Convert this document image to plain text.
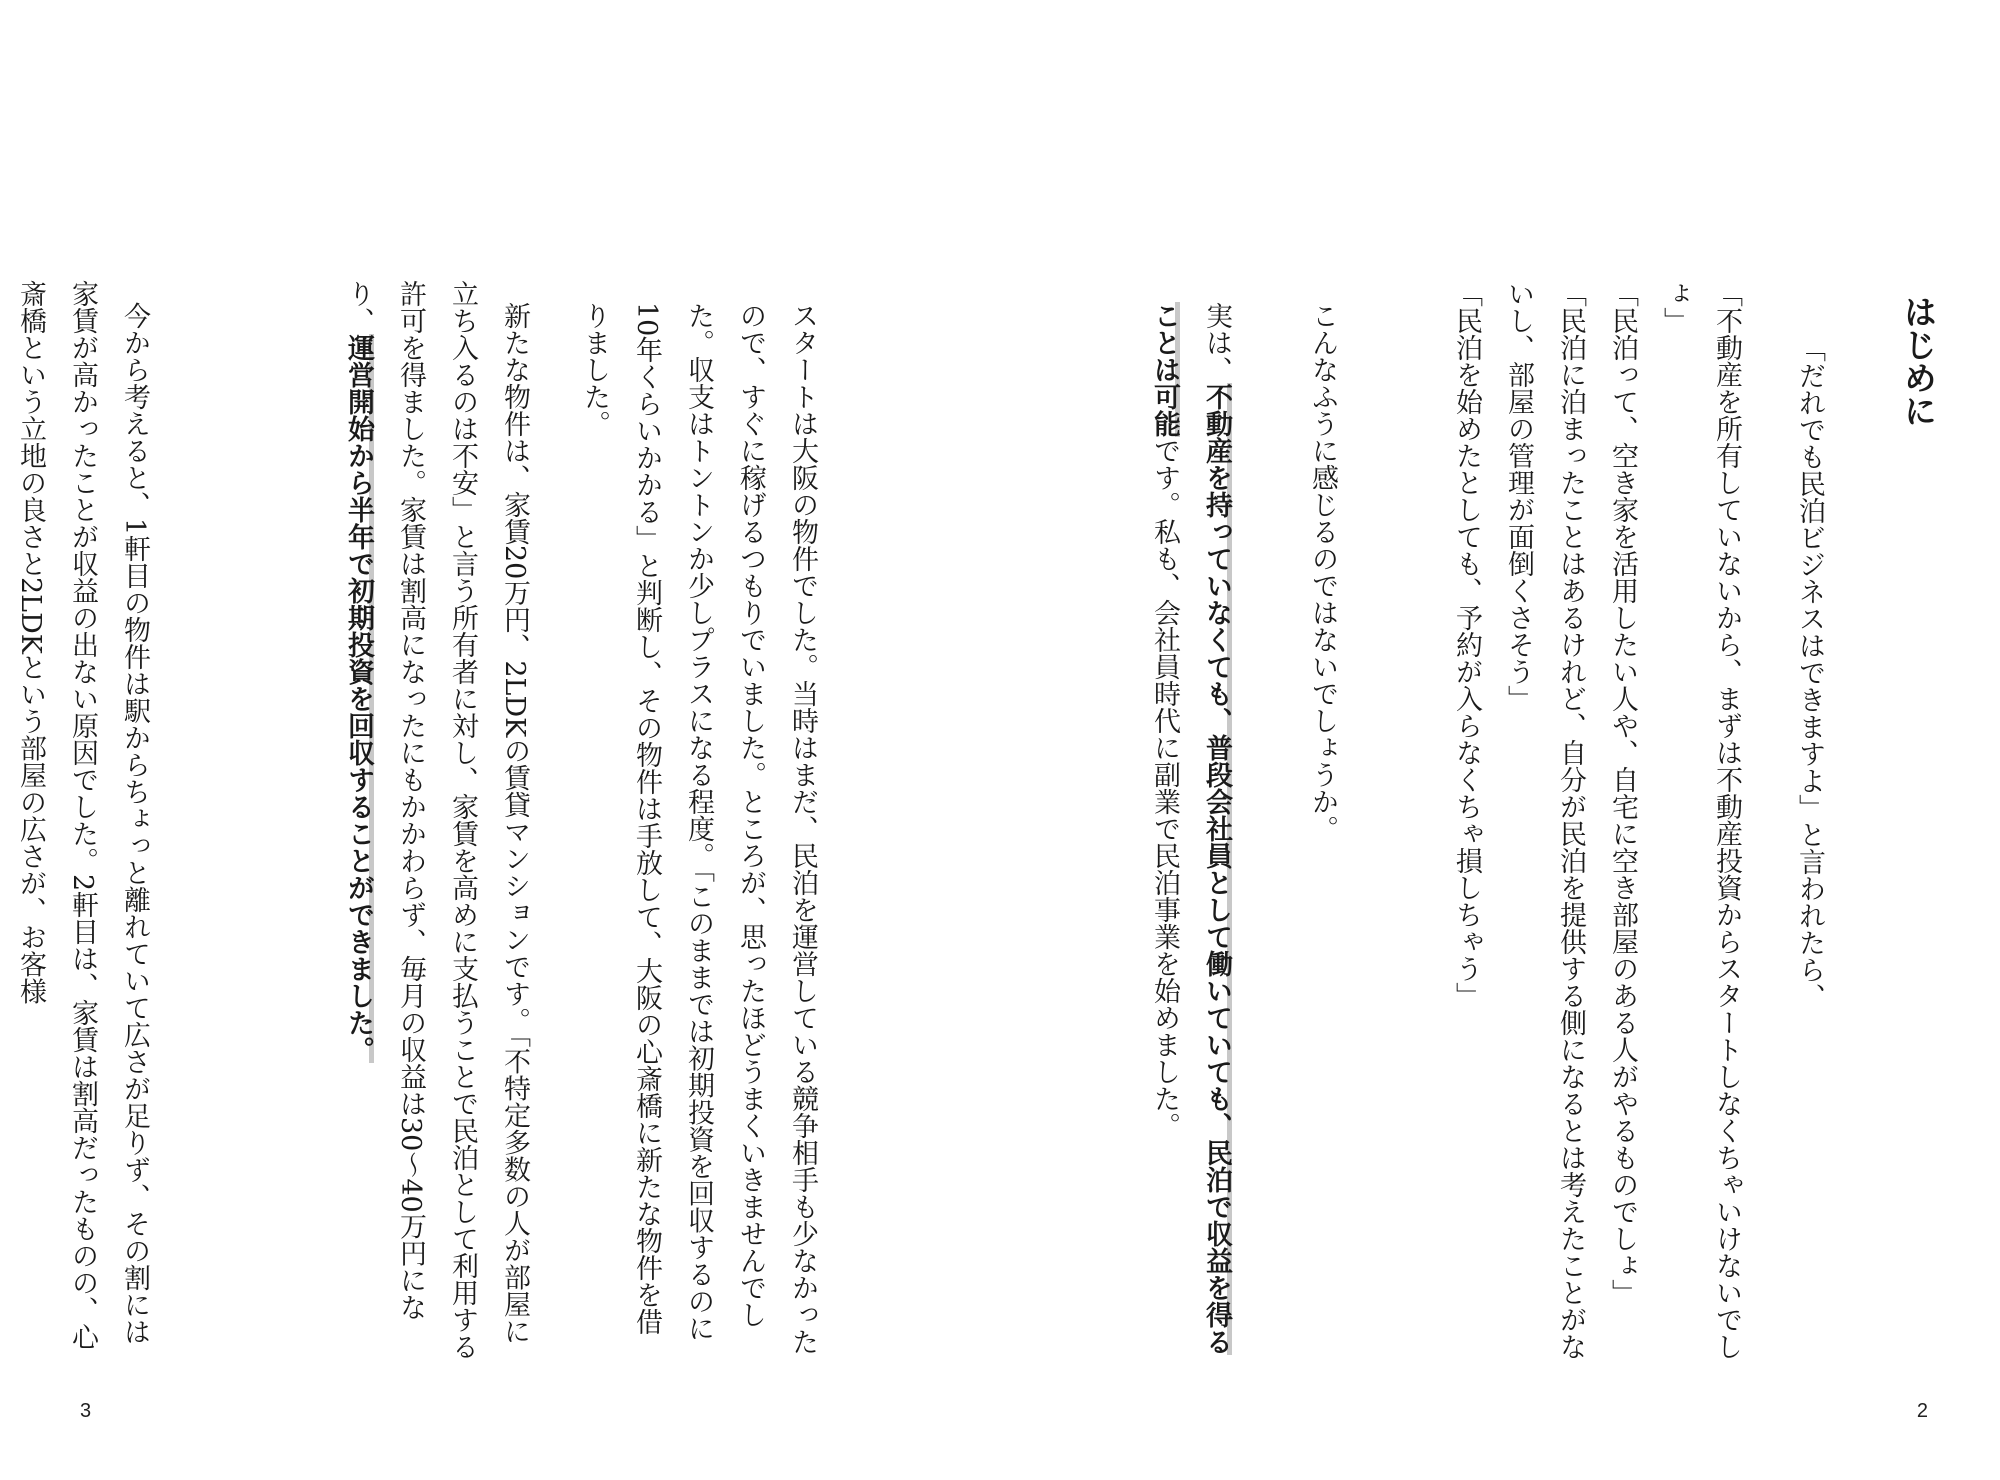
はじめに
「だれでも民泊ビジネスはできますよ」と言われたら、
「不動産を所有していないから、まずは不動産投資からスタートしなくちゃいけないでしょ」
「民泊って、空き家を活用したい人や、自宅に空き部屋のある人がやるものでしょ」
「民泊に泊まったことはあるけれど、自分が民泊を提供する側になるとは考えたことがないし、部屋の管理が面倒くさそう」
「民泊を始めたとしても、予約が入らなくちゃ損しちゃう」
こんなふうに感じるのではないでしょうか。
実は、不動産を持っていなくても、普段会社員として働いていても、民泊で収益を得ることは可能です。私も、会社員時代に副業で民泊事業を始めました。
2
スタートは大阪の物件でした。当時はまだ、民泊を運営している競争相手も少なかったので、すぐに稼げるつもりでいました。ところが、思ったほどうまくいきませんでした。収支はトントンか少しプラスになる程度。「このままでは初期投資を回収するのに10年くらいかかる」と判断し、その物件は手放して、大阪の心斎橋に新たな物件を借りました。
新たな物件は、家賃20万円、2LDKの賃貸マンションです。「不特定多数の人が部屋に立ち入るのは不安」と言う所有者に対し、家賃を高めに支払うことで民泊として利用する許可を得ました。家賃は割高になったにもかかわらず、毎月の収益は30～40万円になり、運営開始から半年で初期投資を回収することができました。
今から考えると、1軒目の物件は駅からちょっと離れていて広さが足りず、その割には家賃が高かったことが収益の出ない原因でした。2軒目は、家賃は割高だったものの、心斎橋という立地の良さと2LDKという部屋の広さが、お客様
3
